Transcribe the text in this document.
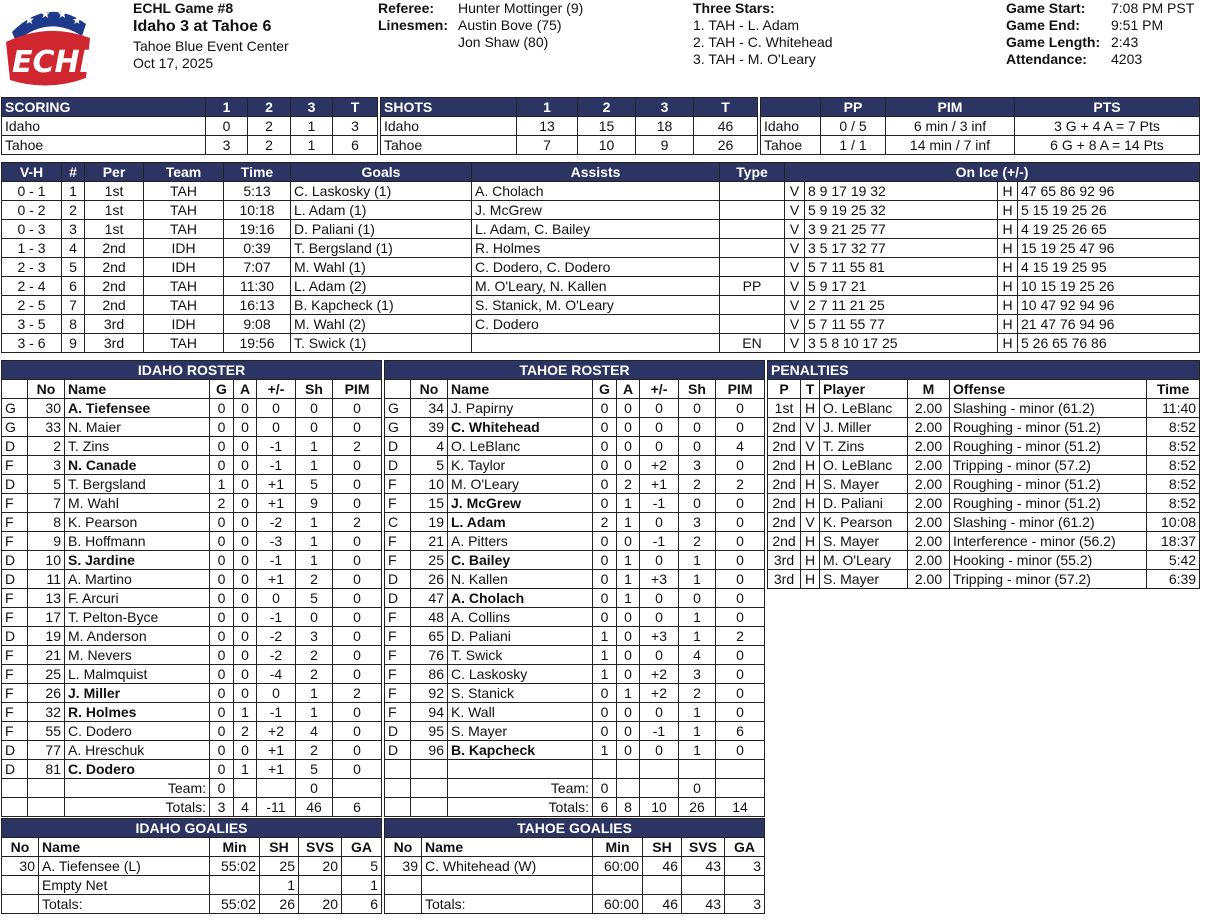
★ ★ ★ ★
ECHL
ECHL Game #8
Idaho 3 at Tahoe 6
Tahoe Blue Event Center
Oct 17, 2025
Referee: Hunter Mottinger (9)
Linesmen: Austin Bove (75)
Jon Shaw (80)
Three Stars:
1. TAH - L. Adam
2. TAH - C. Whitehead
3. TAH - M. O'Leary
Game Start: 7:08 PM PST
Game End: 9:51 PM
Game Length: 2:43
Attendance: 4203
SCORING	1	2	3	T
Idaho	0	2	1	3
Tahoe	3	2	1	6
SHOTS	1	2	3	T
Idaho	13	15	18	46
Tahoe	7	10	9	26
	PP	PIM	PTS
Idaho	0 / 5	6 min / 3 inf	3 G + 4 A = 7 Pts
Tahoe	1 / 1	14 min / 7 inf	6 G + 8 A = 14 Pts
V-H	#	Per	Team	Time	Goals	Assists	Type	On Ice (+/-)			
0 - 1	1	1st	TAH	5:13	C. Laskosky (1)	A. Cholach		V	8 9 17 19 32	H	47 65 86 92 96
0 - 2	2	1st	TAH	10:18	L. Adam (1)	J. McGrew		V	5 9 19 25 32	H	5 15 19 25 26
0 - 3	3	1st	TAH	19:16	D. Paliani (1)	L. Adam, C. Bailey		V	3 9 21 25 77	H	4 19 25 26 65
1 - 3	4	2nd	IDH	0:39	T. Bergsland (1)	R. Holmes		V	3 5 17 32 77	H	15 19 25 47 96
2 - 3	5	2nd	IDH	7:07	M. Wahl (1)	C. Dodero, C. Dodero		V	5 7 11 55 81	H	4 15 19 25 95
2 - 4	6	2nd	TAH	11:30	L. Adam (2)	M. O'Leary, N. Kallen	PP	V	5 9 17 21	H	10 15 19 25 26
2 - 5	7	2nd	TAH	16:13	B. Kapcheck (1)	S. Stanick, M. O'Leary		V	2 7 11 21 25	H	10 47 92 94 96
3 - 5	8	3rd	IDH	9:08	M. Wahl (2)	C. Dodero		V	5 7 11 55 77	H	21 47 76 94 96
3 - 6	9	3rd	TAH	19:56	T. Swick (1)		EN	V	3 5 8 10 17 25	H	5 26 65 76 86
IDAHO ROSTER							
	No	Name	G	A	+/-	Sh	PIM
G	30	A. Tiefensee	0	0	0	0	0
G	33	N. Maier	0	0	0	0	0
D	2	T. Zins	0	0	-1	1	2
F	3	N. Canade	0	0	-1	1	0
D	5	T. Bergsland	1	0	+1	5	0
F	7	M. Wahl	2	0	+1	9	0
F	8	K. Pearson	0	0	-2	1	2
F	9	B. Hoffmann	0	0	-3	1	0
D	10	S. Jardine	0	0	-1	1	0
D	11	A. Martino	0	0	+1	2	0
F	13	F. Arcuri	0	0	0	5	0
F	17	T. Pelton-Byce	0	0	-1	0	0
D	19	M. Anderson	0	0	-2	3	0
F	21	M. Nevers	0	0	-2	2	0
F	25	L. Malmquist	0	0	-4	2	0
F	26	J. Miller	0	0	0	1	2
F	32	R. Holmes	0	1	-1	1	0
F	55	C. Dodero	0	2	+2	4	0
D	77	A. Hreschuk	0	0	+1	2	0
D	81	C. Dodero	0	1	+1	5	0
		Team:	0			0	
		Totals:	3	4	-11	46	6
TAHOE ROSTER							
	No	Name	G	A	+/-	Sh	PIM
G	34	J. Papirny	0	0	0	0	0
G	39	C. Whitehead	0	0	0	0	0
D	4	O. LeBlanc	0	0	0	0	4
D	5	K. Taylor	0	0	+2	3	0
F	10	M. O'Leary	0	2	+1	2	2
F	15	J. McGrew	0	1	-1	0	0
C	19	L. Adam	2	1	0	3	0
F	21	A. Pitters	0	0	-1	2	0
F	25	C. Bailey	0	1	0	1	0
D	26	N. Kallen	0	1	+3	1	0
D	47	A. Cholach	0	1	0	0	0
F	48	A. Collins	0	0	0	1	0
F	65	D. Paliani	1	0	+3	1	2
F	76	T. Swick	1	0	0	4	0
F	86	C. Laskosky	1	0	+2	3	0
F	92	S. Stanick	0	1	+2	2	0
F	94	K. Wall	0	0	0	1	0
D	95	S. Mayer	0	0	-1	1	6
D	96	B. Kapcheck	1	0	0	1	0

		Team:	0			0	
		Totals:	6	8	10	26	14
PENALTIES					
P	T	Player	M	Offense	Time
1st	H	O. LeBlanc	2.00	Slashing - minor (61.2)	11:40
2nd	V	J. Miller	2.00	Roughing - minor (51.2)	8:52
2nd	V	T. Zins	2.00	Roughing - minor (51.2)	8:52
2nd	H	O. LeBlanc	2.00	Tripping - minor (57.2)	8:52
2nd	H	S. Mayer	2.00	Roughing - minor (51.2)	8:52
2nd	H	D. Paliani	2.00	Roughing - minor (51.2)	8:52
2nd	V	K. Pearson	2.00	Slashing - minor (61.2)	10:08
2nd	H	S. Mayer	2.00	Interference - minor (56.2)	18:37
3rd	H	M. O'Leary	2.00	Hooking - minor (55.2)	5:42
3rd	H	S. Mayer	2.00	Tripping - minor (57.2)	6:39
IDAHO GOALIES					
No	Name	Min	SH	SVS	GA
30	A. Tiefensee (L)	55:02	25	20	5
	Empty Net		1		1
	Totals:	55:02	26	20	6
TAHOE GOALIES					
No	Name	Min	SH	SVS	GA
39	C. Whitehead (W)	60:00	46	43	3

	Totals:	60:00	46	43	3
